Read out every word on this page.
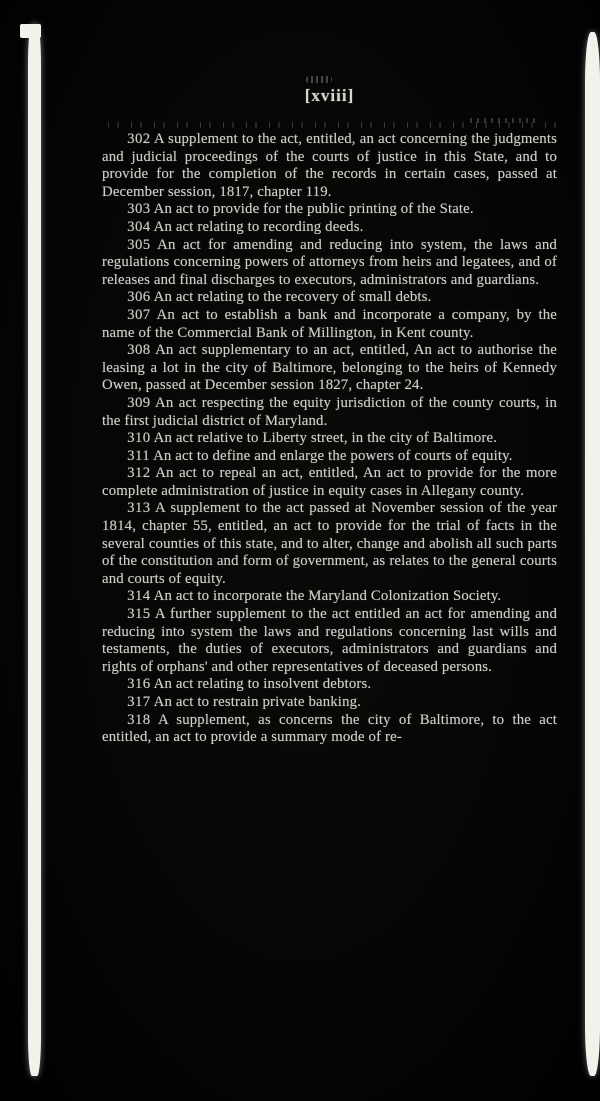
[xviii]

302 A supplement to the act, entitled, an act concerning the judgments and judicial proceedings of the courts of justice in this State, and to provide for the completion of the records in certain cases, passed at December session, 1817, chapter 119.

303 An act to provide for the public printing of the State.

304 An act relating to recording deeds.

305 An act for amending and reducing into system, the laws and regulations concerning powers of attorneys from heirs and legatees, and of releases and final discharges to executors, administrators and guardians.

306 An act relating to the recovery of small debts.

307 An act to establish a bank and incorporate a company, by the name of the Commercial Bank of Millington, in Kent county.

308 An act supplementary to an act, entitled, An act to authorise the leasing a lot in the city of Baltimore, belonging to the heirs of Kennedy Owen, passed at December session 1827, chapter 24.

309 An act respecting the equity jurisdiction of the county courts, in the first judicial district of Maryland.

310 An act relative to Liberty street, in the city of Baltimore.

311 An act to define and enlarge the powers of courts of equity.

312 An act to repeal an act, entitled, An act to provide for the more complete administration of justice in equity cases in Allegany county.

313 A supplement to the act passed at November session of the year 1814, chapter 55, entitled, an act to provide for the trial of facts in the several counties of this state, and to alter, change and abolish all such parts of the constitution and form of government, as relates to the general courts and courts of equity.

314 An act to incorporate the Maryland Colonization Society.

315 A further supplement to the act entitled an act for amending and reducing into system the laws and regulations concerning last wills and testaments, the duties of executors, administrators and guardians and rights of orphans' and other representatives of deceased persons.

316 An act relating to insolvent debtors.

317 An act to restrain private banking.

318 A supplement, as concerns the city of Baltimore, to the act entitled, an act to provide a summary mode of re-
